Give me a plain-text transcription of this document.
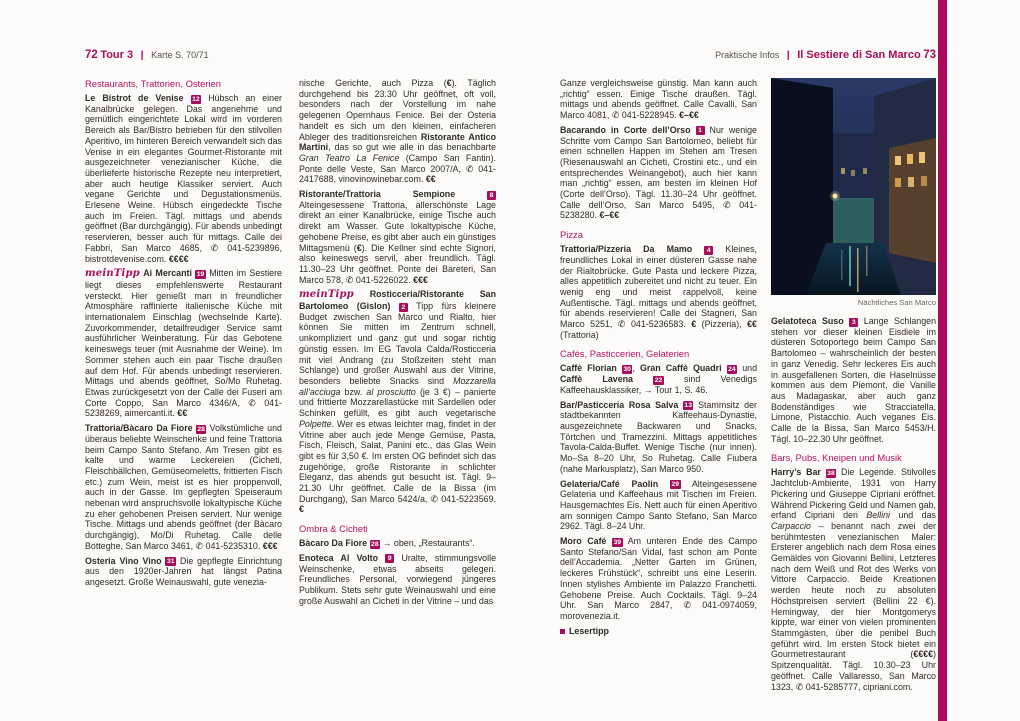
72 Tour 3 | Karte S. 70/71	Praktische Infos | Il Sestiere di San Marco 73
Restaurants, Trattorien, Osterien
Le Bistrot de Venise 12 Hübsch an einer Kanalbrücke gelegen. Das angenehme und gemütlich eingerichtete Lokal wird im vorderen Bereich als Bar/Bistro betrieben für den stilvollen Aperitivo, im hinteren Bereich verwandelt sich das Venise in ein elegantes Gourmet-Ristorante mit ausgezeichneter venezianischer Küche, die überlieferte historische Rezepte neu interpretiert, aber auch heutige Klassiker serviert. Auch vegane Gerichte und Degustationsmenüs. Erlesene Weine. Hübsch eingedeckte Tische auch im Freien. Tägl. mittags und abends geöffnet (Bar durchgängig). Für abends unbedingt reservieren, besser auch für mittags. Calle dei Fabbri, San Marco 4685, ✆ 041-5239896, bistrotdevenise.com. €€€€
meinTipp Ai Mercanti 19 Mitten im Sestiere liegt dieses empfehlenswerte Restaurant versteckt. Hier genießt man in freundlicher Atmosphäre raffinierte italienische Küche mit internationalem Einschlag (wechselnde Karte). Zuvorkommender, detailfreudiger Service samt ausführlicher Weinberatung. Für das Gebotene keineswegs teuer (mit Ausnahme der Weine). Im Sommer stehen auch ein paar Tische draußen auf dem Hof. Für abends unbedingt reservieren. Mittags und abends geöffnet, So/Mo Ruhetag. Etwas zurückgesetzt von der Calle dei Fuseri am Corte Coppo, San Marco 4346/A, ✆ 041-5238269, aimercanti.it. €€
Trattoria/Bàcaro Da Fiore 28 Volkstümliche und überaus beliebte Weinschenke und feine Trattoria beim Campo Santo Stefano. Am Tresen gibt es kalte und warme Leckereien (Cicheti, Fleischbällchen, Gemüseomeletts, frittierten Fisch etc.) zum Wein, meist ist es hier proppenvoll, auch in der Gasse. Im gepflegten Speiseraum nebenan wird anspruchsvolle lokaltypische Küche zu eher gehobenen Preisen serviert. Nur wenige Tische. Mittags und abends geöffnet (der Bàcaro durchgängig), Mo/Di Ruhetag. Calle delle Botteghe, San Marco 3461, ✆ 041-5235310. €€€
Osteria Vino Vino 31 Die gepflegte Einrichtung aus den 1920er-Jahren hat längst Patina angesetzt. Große Weinauswahl, gute venezia-
nische Gerichte, auch Pizza (€). Täglich durchgehend bis 23.30 Uhr geöffnet, oft voll, besonders nach der Vorstellung im nahe gelegenen Opernhaus Fenice. Bei der Osteria handelt es sich um den kleinen, einfacheren Ableger des traditionsreichen Ristorante Antico Martini, das so gut wie alle in das benachbarte Gran Teatro La Fenice (Campo San Fantin). Ponte delle Veste, San Marco 2007/A, ✆ 041-2417688, vinovinowinebar.com. €€
Ristorante/Trattoria Sempione 8 Alteingesessene Trattoria, allerschönste Lage direkt an einer Kanalbrücke, einige Tische auch direkt am Wasser. Gute lokaltypische Küche, gehobene Preise, es gibt aber auch ein günstiges Mittagsmenü (€). Die Kellner sind echte Signori, also keineswegs servil, aber freundlich. Tägl. 11.30–23 Uhr geöffnet. Ponte dei Bareteri, San Marco 578, ✆ 041-5226022. €€€
meinTipp Rosticceria/Ristorante San Bartolomeo (Gislon) 2 Tipp fürs kleinere Budget zwischen San Marco und Rialto, hier können Sie mitten im Zentrum schnell, unkompliziert und ganz gut und sogar richtig günstig essen. Im EG Tavola Calda/Rosticceria mit viel Andrang (zu Stoßzeiten steht man Schlange) und großer Auswahl aus der Vitrine, besonders beliebte Snacks sind Mozzarella all’acciuga bzw. al prosciutto (je 3 €) – panierte und frittierte Mozzarellastücke mit Sardellen oder Schinken gefüllt, es gibt auch vegetarische Polpette. Wer es etwas leichter mag, findet in der Vitrine aber auch jede Menge Gemüse, Pasta, Fisch, Fleisch, Salat, Panini etc., das Glas Wein gibt es für 3,50 €. Im ersten OG befindet sich das zugehörige, große Ristorante in schlichter Eleganz, das abends gut besucht ist. Tägl. 9–21.30 Uhr geöffnet. Calle de la Bissa (im Durchgang), San Marco 5424/a, ✆ 041-5223569. €
Ombra & Cicheti
Bàcaro Da Fiore 28 → oben, „Restaurants“.
Enoteca Al Volto 9 Uralte, stimmungsvolle Weinschenke, etwas abseits gelegen. Freundliches Personal, vorwiegend jüngeres Publikum. Stets sehr gute Weinauswahl und eine große Auswahl an Cicheti in der Vitrine – und das
Ganze vergleichsweise günstig. Man kann auch „richtig“ essen. Einige Tische draußen. Tägl. mittags und abends geöffnet. Calle Cavalli, San Marco 4081, ✆ 041-5228945. €–€€
Bacarando in Corte dell’Orso 1 Nur wenige Schritte vom Campo San Bartolomeo, beliebt für einen schnellen Happen im Stehen am Tresen (Riesenauswahl an Cicheti, Crostini etc., und ein entsprechendes Weinangebot), auch hier kann man „richtig“ essen, am besten im kleinen Hof (Corte dell’Orso). Tägl. 11.30–24 Uhr geöffnet. Calle dell’Orso, San Marco 5495, ✆ 041-5238280. €–€€
Pizza
Trattoria/Pizzeria Da Mamo 4 Kleines, freundliches Lokal in einer düsteren Gasse nahe der Rialtobrücke. Gute Pasta und leckere Pizza, alles appetitlich zubereitet und nicht zu teuer. Ein wenig eng und meist rappelvoll, keine Außentische. Tägl. mittags und abends geöffnet, für abends reservieren! Calle dei Stagneri, San Marco 5251, ✆ 041-5236583. € (Pizzeria), €€ (Trattoria)
Cafés, Pasticcerien, Gelaterien
Caffè Florian 30 , Gran Caffè Quadri 24 und Caffè Lavena 22 sind Venedigs Kaffeehausklassiker, → Tour 1, S. 46.
Bar/Pasticceria Rosa Salva 13 Stammsitz der stadtbekannten Kaffeehaus-Dynastie, ausgezeichnete Backwaren und Snacks, Törtchen und Tramezzini. Mittags appetitliches Tavola-Calda-Buffet. Wenige Tische (nur innen). Mo–Sa 8–20 Uhr, So Ruhetag. Calle Fiubera (nahe Markusplatz), San Marco 950.
Gelateria/Café Paolin 29 Alteingesessene Gelateria und Kaffeehaus mit Tischen im Freien. Hausgemachtes Eis. Nett auch für einen Aperitivo am sonnigen Campo Santo Stefano, San Marco 2962. Tägl. 8–24 Uhr.
Moro Café 39 Am unteren Ende des Campo Santo Stefano/San Vidal, fast schon am Ponte dell’Accademia. „Netter Garten im Grünen, leckeres Frühstück“, schreibt uns eine Leserin. Innen stylishes Ambiente im Palazzo Franchetti. Gehobene Preise. Auch Cocktails. Tägl. 9–24 Uhr. San Marco 2847, ✆ 041-0974059, morovenezia.it.
Lesertipp
Nächtliches San Marco
Gelatoteca Suso 3 Lange Schlangen stehen vor dieser kleinen Eisdiele im düsteren Sotoportego beim Campo San Bartolomeo – wahrscheinlich der besten in ganz Venedig. Sehr leckeres Eis auch in ausgefallenen Sorten, die Haselnüsse kommen aus dem Piemont, die Vanille aus Madagaskar, aber auch ganz Bodenständiges wie Stracciatella, Limone, Pistacchio. Auch veganes Eis. Calle de la Bissa, San Marco 5453/H. Tägl. 10–22.30 Uhr geöffnet.
Bars, Pubs, Kneipen und Musik
Harry’s Bar 38 Die Legende. Stilvolles Jachtclub-Ambiente, 1931 von Harry Pickering und Giuseppe Cipriani eröffnet. Während Pickering Geld und Namen gab, erfand Cipriani den Bellini und das Carpaccio – benannt nach zwei der berühmtesten venezianischen Maler: Ersterer angeblich nach dem Rosa eines Gemäldes von Giovanni Bellini, Letzteres nach dem Weiß und Rot des Werks von Vittore Carpaccio. Beide Kreationen werden heute noch zu absoluten Höchstpreisen serviert (Bellini 22 €). Hemingway, der hier Montgomerys kippte, war einer von vielen prominenten Stammgästen, über die penibel Buch geführt wird. Im ersten Stock bietet ein Gourmetrestaurant (€€€€) Spitzenqualität. Tägl. 10.30–23 Uhr geöffnet. Calle Vallaresso, San Marco 1323, ✆ 041-5285777, cipriani.com.
